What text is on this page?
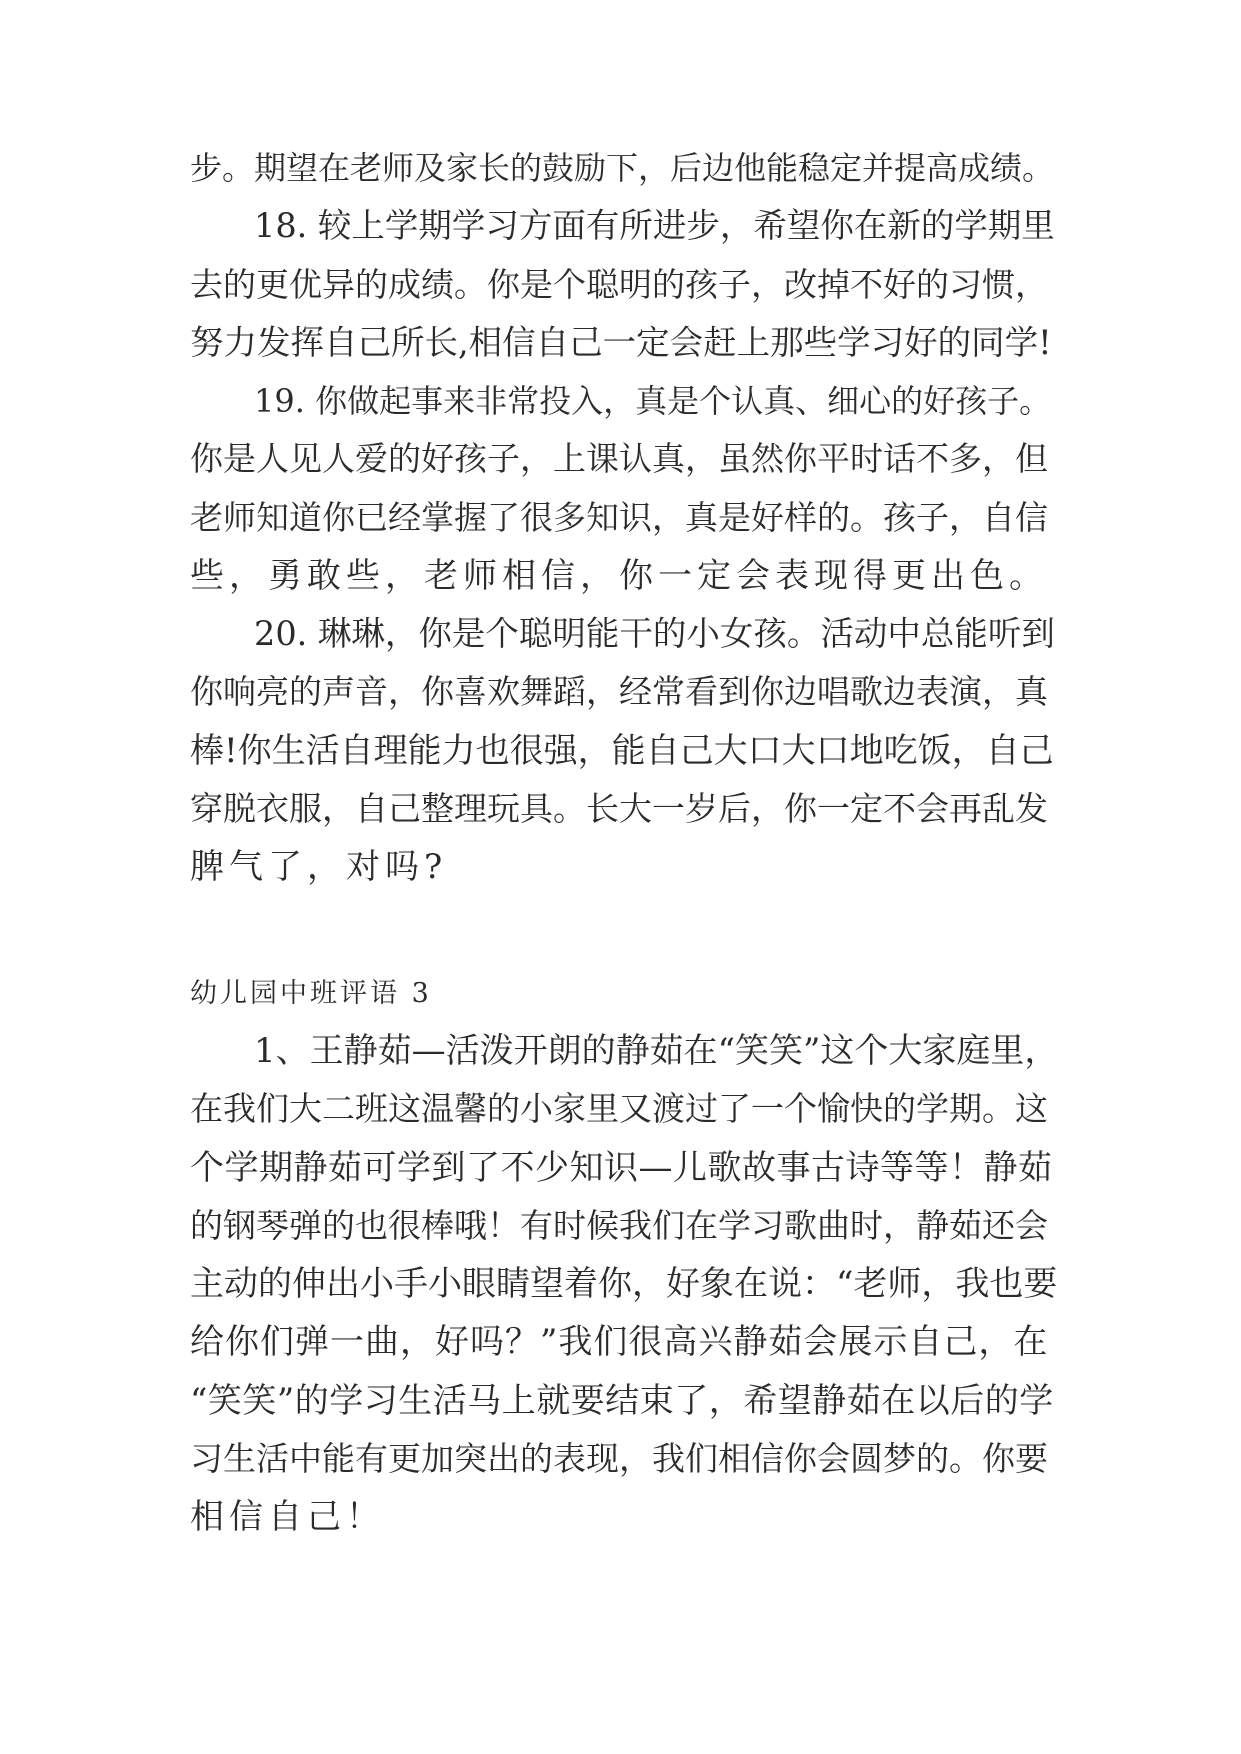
步。期望在老师及家长的鼓励下，后边他能稳定并提高成绩。
18. 较上学期学习方面有所进步，希望你在新的学期里
去的更优异的成绩。你是个聪明的孩子，改掉不好的习惯，
努力发挥自己所长,相信自己一定会赶上那些学习好的同学!
19. 你做起事来非常投入，真是个认真、细心的好孩子。
你是人见人爱的好孩子，上课认真，虽然你平时话不多，但
老师知道你已经掌握了很多知识，真是好样的。孩子，自信
些，勇敢些，老师相信，你一定会表现得更出色。
20. 琳琳，你是个聪明能干的小女孩。活动中总能听到
你响亮的声音，你喜欢舞蹈，经常看到你边唱歌边表演，真
棒!你生活自理能力也很强，能自己大口大口地吃饭，自己
穿脱衣服，自己整理玩具。长大一岁后，你一定不会再乱发
脾气了，对吗?
幼儿园中班评语 3
1、王静茹—活泼开朗的静茹在“笑笑”这个大家庭里，
在我们大二班这温馨的小家里又渡过了一个愉快的学期。这
个学期静茹可学到了不少知识—儿歌故事古诗等等！静茹
的钢琴弹的也很棒哦！有时候我们在学习歌曲时，静茹还会
主动的伸出小手小眼睛望着你，好象在说：“老师，我也要
给你们弹一曲，好吗？”我们很高兴静茹会展示自己，在
“笑笑”的学习生活马上就要结束了，希望静茹在以后的学
习生活中能有更加突出的表现，我们相信你会圆梦的。你要
相信自己！
